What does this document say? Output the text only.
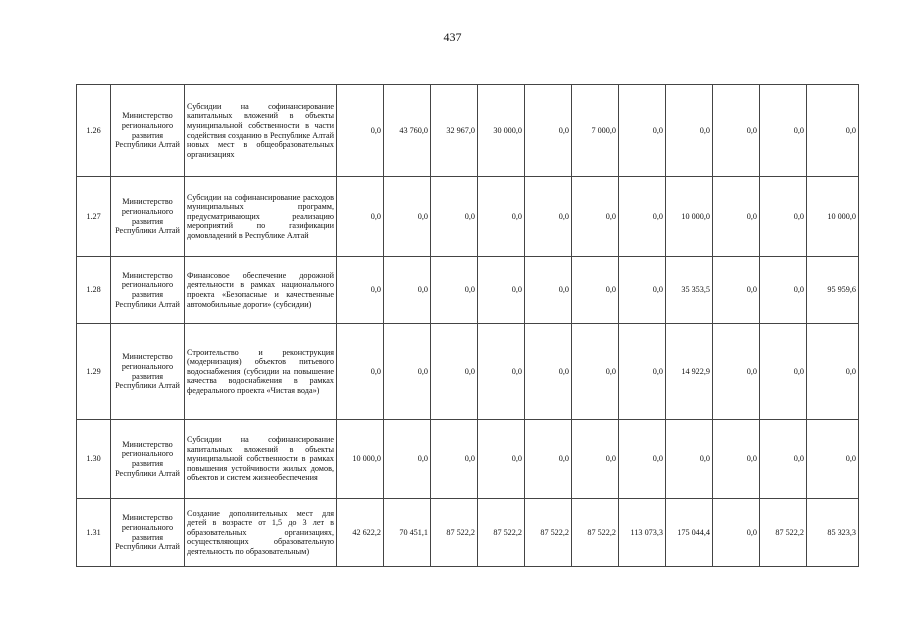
437
1.26	Министерство регионального развития Республики Алтай	Субсидии на софинансирование капитальных вложений в объекты муниципальной собственности в части содействия созданию в Республике Алтай новых мест в общеобразовательных организациях	0,0	43 760,0	32 967,0	30 000,0	0,0	7 000,0	0,0	0,0	0,0	0,0	0,0
1.27	Министерство регионального развития Республики Алтай	Субсидии на софинансирование расходов муниципальных программ, предусматривающих реализацию мероприятий по газификации домовладений в Республике Алтай	0,0	0,0	0,0	0,0	0,0	0,0	0,0	10 000,0	0,0	0,0	10 000,0
1.28	Министерство регионального развития Республики Алтай	Финансовое обеспечение дорожной деятельности в рамках национального проекта «Безопасные и качественные автомобильные дороги» (субсидии)	0,0	0,0	0,0	0,0	0,0	0,0	0,0	35 353,5	0,0	0,0	95 959,6
1.29	Министерство регионального развития Республики Алтай	Строительство и реконструкция (модернизация) объектов питьевого водоснабжения (субсидии на повышение качества водоснабжения в рамках федерального проекта «Чистая вода»)	0,0	0,0	0,0	0,0	0,0	0,0	0,0	14 922,9	0,0	0,0	0,0
1.30	Министерство регионального развития Республики Алтай	Субсидии на софинансирование капитальных вложений в объекты муниципальной собственности в рамках повышения устойчивости жилых домов, объектов и систем жизнеобеспечения	10 000,0	0,0	0,0	0,0	0,0	0,0	0,0	0,0	0,0	0,0	0,0
1.31	Министерство регионального развития Республики Алтай	Создание дополнительных мест для детей в возрасте от 1,5 до 3 лет в образовательных организациях, осуществляющих образовательную деятельность по образовательным)	42 622,2	70 451,1	87 522,2	87 522,2	87 522,2	87 522,2	113 073,3	175 044,4	0,0	87 522,2	85 323,3
